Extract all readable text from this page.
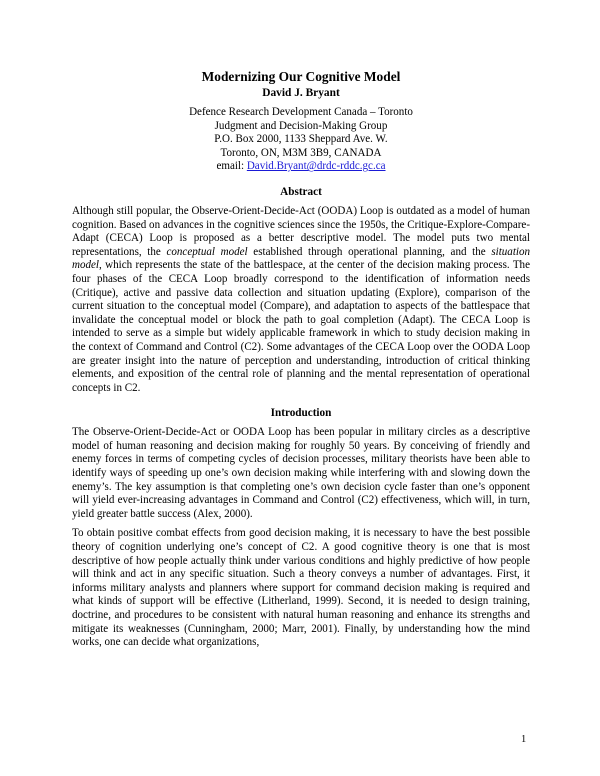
Modernizing Our Cognitive Model
David J. Bryant
Defence Research Development Canada – Toronto
Judgment and Decision-Making Group
P.O. Box 2000, 1133 Sheppard Ave. W.
Toronto, ON, M3M 3B9, CANADA
email: David.Bryant@drdc-rddc.gc.ca
Abstract

Although still popular, the Observe-Orient-Decide-Act (OODA) Loop is outdated as a model of human cognition. Based on advances in the cognitive sciences since the 1950s, the Critique-Explore-Compare-Adapt (CECA) Loop is proposed as a better descriptive model. The model puts two mental representations, the conceptual model established through operational planning, and the situation model, which represents the state of the battlespace, at the center of the decision making process. The four phases of the CECA Loop broadly correspond to the identification of information needs (Critique), active and passive data collection and situation updating (Explore), comparison of the current situation to the conceptual model (Compare), and adaptation to aspects of the battlespace that invalidate the conceptual model or block the path to goal completion (Adapt). The CECA Loop is intended to serve as a simple but widely applicable framework in which to study decision making in the context of Command and Control (C2). Some advantages of the CECA Loop over the OODA Loop are greater insight into the nature of perception and understanding, introduction of critical thinking elements, and exposition of the central role of planning and the mental representation of operational concepts in C2.

Introduction

The Observe-Orient-Decide-Act or OODA Loop has been popular in military circles as a descriptive model of human reasoning and decision making for roughly 50 years. By conceiving of friendly and enemy forces in terms of competing cycles of decision processes, military theorists have been able to identify ways of speeding up one’s own decision making while interfering with and slowing down the enemy’s. The key assumption is that completing one’s own decision cycle faster than one’s opponent will yield ever-increasing advantages in Command and Control (C2) effectiveness, which will, in turn, yield greater battle success (Alex, 2000).

To obtain positive combat effects from good decision making, it is necessary to have the best possible theory of cognition underlying one’s concept of C2. A good cognitive theory is one that is most descriptive of how people actually think under various conditions and highly predictive of how people will think and act in any specific situation. Such a theory conveys a number of advantages. First, it informs military analysts and planners where support for command decision making is required and what kinds of support will be effective (Litherland, 1999). Second, it is needed to design training, doctrine, and procedures to be consistent with natural human reasoning and enhance its strengths and mitigate its weaknesses (Cunningham, 2000; Marr, 2001). Finally, by understanding how the mind works, one can decide what organizations,

1
